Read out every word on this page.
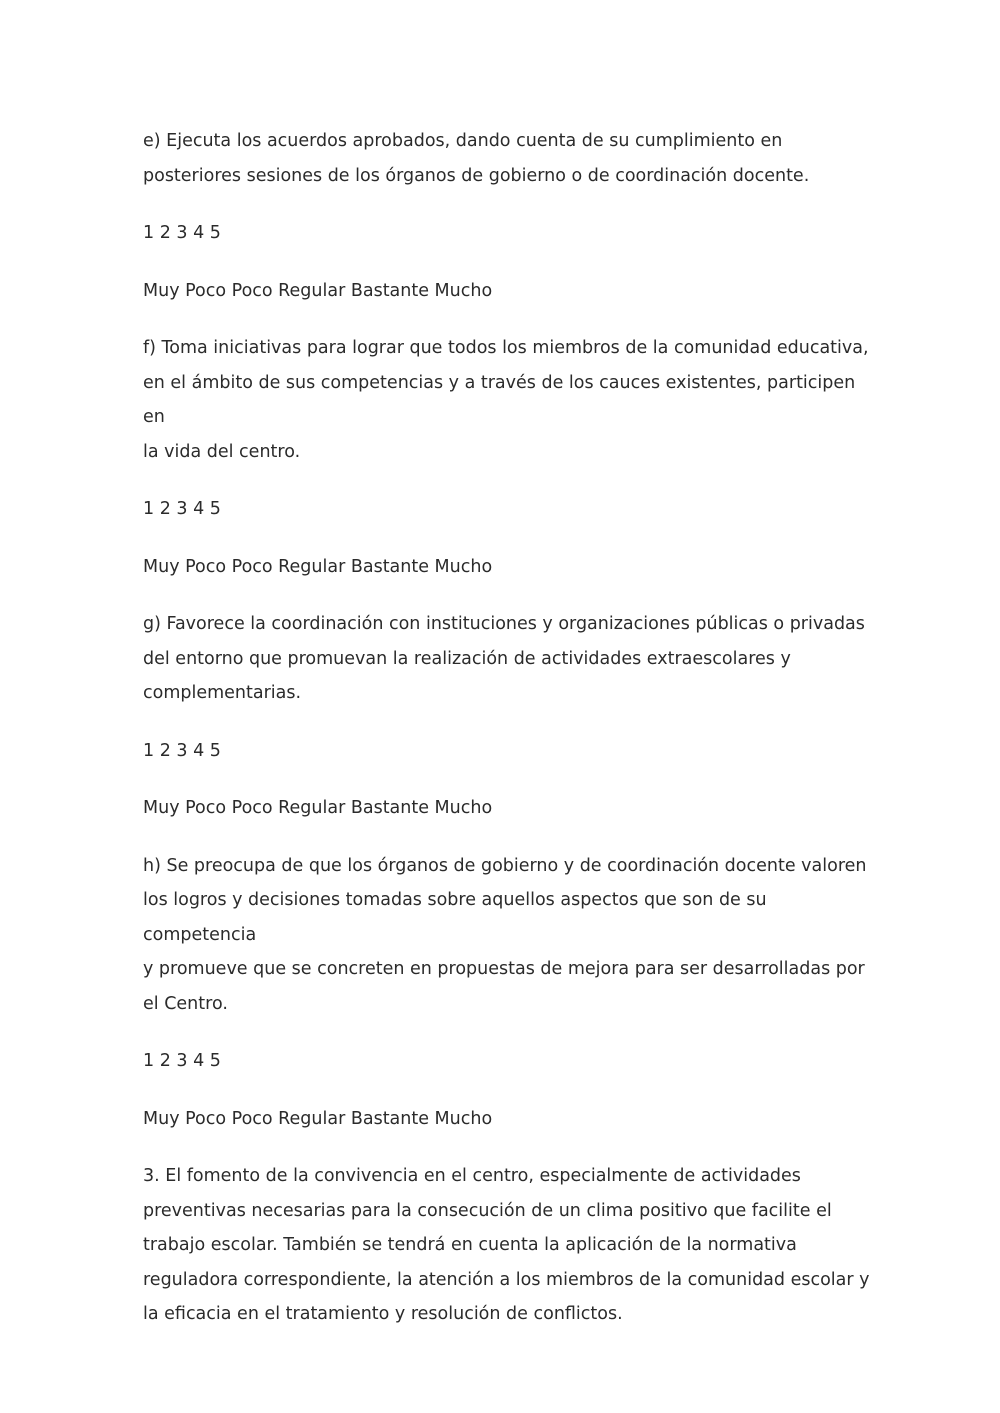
e) Ejecuta los acuerdos aprobados, dando cuenta de su cumplimiento en
posteriores sesiones de los órganos de gobierno o de coordinación docente.

1 2 3 4 5

Muy Poco Poco Regular Bastante Mucho

f) Toma iniciativas para lograr que todos los miembros de la comunidad educativa,
en el ámbito de sus competencias y a través de los cauces existentes, participen en
la vida del centro.

1 2 3 4 5

Muy Poco Poco Regular Bastante Mucho

g) Favorece la coordinación con instituciones y organizaciones públicas o privadas
del entorno que promuevan la realización de actividades extraescolares y
complementarias.

1 2 3 4 5

Muy Poco Poco Regular Bastante Mucho

h) Se preocupa de que los órganos de gobierno y de coordinación docente valoren
los logros y decisiones tomadas sobre aquellos aspectos que son de su competencia
y promueve que se concreten en propuestas de mejora para ser desarrolladas por
el Centro.

1 2 3 4 5

Muy Poco Poco Regular Bastante Mucho

3. El fomento de la convivencia en el centro, especialmente de actividades
preventivas necesarias para la consecución de un clima positivo que facilite el
trabajo escolar. También se tendrá en cuenta la aplicación de la normativa
reguladora correspondiente, la atención a los miembros de la comunidad escolar y
la eficacia en el tratamiento y resolución de conflictos.
